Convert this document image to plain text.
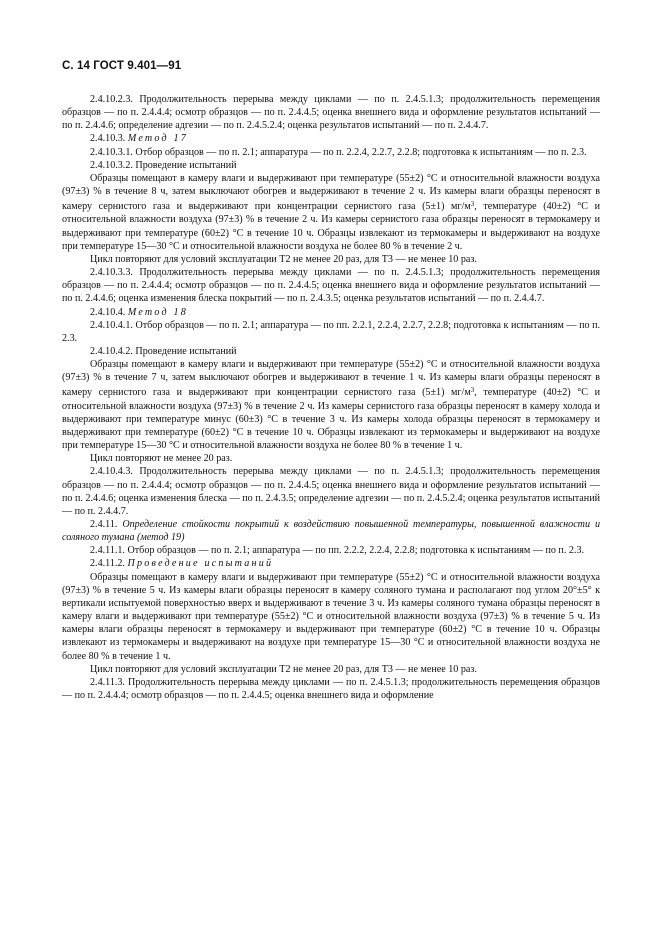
С. 14 ГОСТ 9.401—91

2.4.10.2.3. Продолжительность перерыва между циклами — по п. 2.4.5.1.3; продолжительность перемещения образцов — по п. 2.4.4.4; осмотр образцов — по п. 2.4.4.5; оценка внешнего вида и оформление результатов испытаний — по п. 2.4.4.6; определение адгезии — по п. 2.4.5.2.4; оценка результатов испытаний — по п. 2.4.4.7.

2.4.10.3. Метод 17

2.4.10.3.1. Отбор образцов — по п. 2.1; аппаратура — по п. 2.2.4, 2.2.7, 2.2.8; подготовка к испытаниям — по п. 2.3.

2.4.10.3.2. Проведение испытаний

Образцы помещают в камеру влаги и выдерживают при температуре (55±2) °С и относительной влажности воздуха (97±3) % в течение 8 ч, затем выключают обогрев и выдерживают в течение 2 ч. Из камеры влаги образцы переносят в камеру сернистого газа и выдерживают при концентрации сернистого газа (5±1) $мг/м^3$, температуре (40±2) °С и относительной влажности воздуха (97±3) % в течение 2 ч. Из камеры сернистого газа образцы переносят в термокамеру и выдерживают при температуре (60±2) °С в течение 10 ч. Образцы извлекают из термокамеры и выдерживают на воздухе при температуре 15—30 °С и относительной влажности воздуха не более 80 % в течение 2 ч.

Цикл повторяют для условий эксплуатации Т2 не менее 20 раз, для Т3 — не менее 10 раз.

2.4.10.3.3. Продолжительность перерыва между циклами — по п. 2.4.5.1.3; продолжительность перемещения образцов — по п. 2.4.4.4; осмотр образцов — по п. 2.4.4.5; оценка внешнего вида и оформление результатов испытаний — по п. 2.4.4.6; оценка изменения блеска покрытий — по п. 2.4.3.5; оценка результатов испытаний — по п. 2.4.4.7.

2.4.10.4. Метод 18

2.4.10.4.1. Отбор образцов — по п. 2.1; аппаратура — по пп. 2.2.1, 2.2.4, 2.2.7, 2.2.8; подготовка к испытаниям — по п. 2.3.

2.4.10.4.2. Проведение испытаний

Образцы помещают в камеру влаги и выдерживают при температуре (55±2) °С и относительной влажности воздуха (97±3) % в течение 7 ч, затем выключают обогрев и выдерживают в течение 1 ч. Из камеры влаги образцы переносят в камеру сернистого газа и выдерживают при концентрации сернистого газа (5±1) $мг/м^3$, температуре (40±2) °С и относительной влажности воздуха (97±3) % в течение 2 ч. Из камеры сернистого газа образцы переносят в камеру холода и выдерживают при температуре минус (60±3) °С в течение 3 ч. Из камеры холода образцы переносят в термокамеру и выдерживают при температуре (60±2) °С в течение 10 ч. Образцы извлекают из термокамеры и выдерживают на воздухе при температуре 15—30 °С и относительной влажности воздуха не более 80 % в течение 1 ч.

Цикл повторяют не менее 20 раз.

2.4.10.4.3. Продолжительность перерыва между циклами — по п. 2.4.5.1.3; продолжительность перемещения образцов — по п. 2.4.4.4; осмотр образцов — по п. 2.4.4.5; оценка внешнего вида и оформление результатов испытаний — по п. 2.4.4.6; оценка изменения блеска — по п. 2.4.3.5; определение адгезии — по п. 2.4.5.2.4; оценка результатов испытаний — по п. 2.4.4.7.

2.4.11. Определение стойкости покрытий к воздействию повышенной температуры, повышенной влажности и соляного тумана (метод 19)

2.4.11.1. Отбор образцов — по п. 2.1; аппаратура — по пп. 2.2.2, 2.2.4, 2.2.8; подготовка к испытаниям — по п. 2.3.

2.4.11.2. Проведение испытаний

Образцы помещают в камеру влаги и выдерживают при температуре (55±2) °С и относительной влажности воздуха (97±3) % в течение 5 ч. Из камеры влаги образцы переносят в камеру соляного тумана и располагают под углом 20°±5° к вертикали испытуемой поверхностью вверх и выдерживают в течение 3 ч. Из камеры соляного тумана образцы переносят в камеру влаги и выдерживают при температуре (55±2) °С и относительной влажности воздуха (97±3) % в течение 5 ч. Из камеры влаги образцы переносят в термокамеру и выдерживают при температуре (60±2) °С в течение 10 ч. Образцы извлекают из термокамеры и выдерживают на воздухе при температуре 15—30 °С и относительной влажности воздуха не более 80 % в течение 1 ч.

Цикл повторяют для условий эксплуатации Т2 не менее 20 раз, для Т3 — не менее 10 раз.

2.4.11.3. Продолжительность перерыва между циклами — по п. 2.4.5.1.3; продолжительность перемещения образцов — по п. 2.4.4.4; осмотр образцов — по п. 2.4.4.5; оценка внешнего вида и оформление
